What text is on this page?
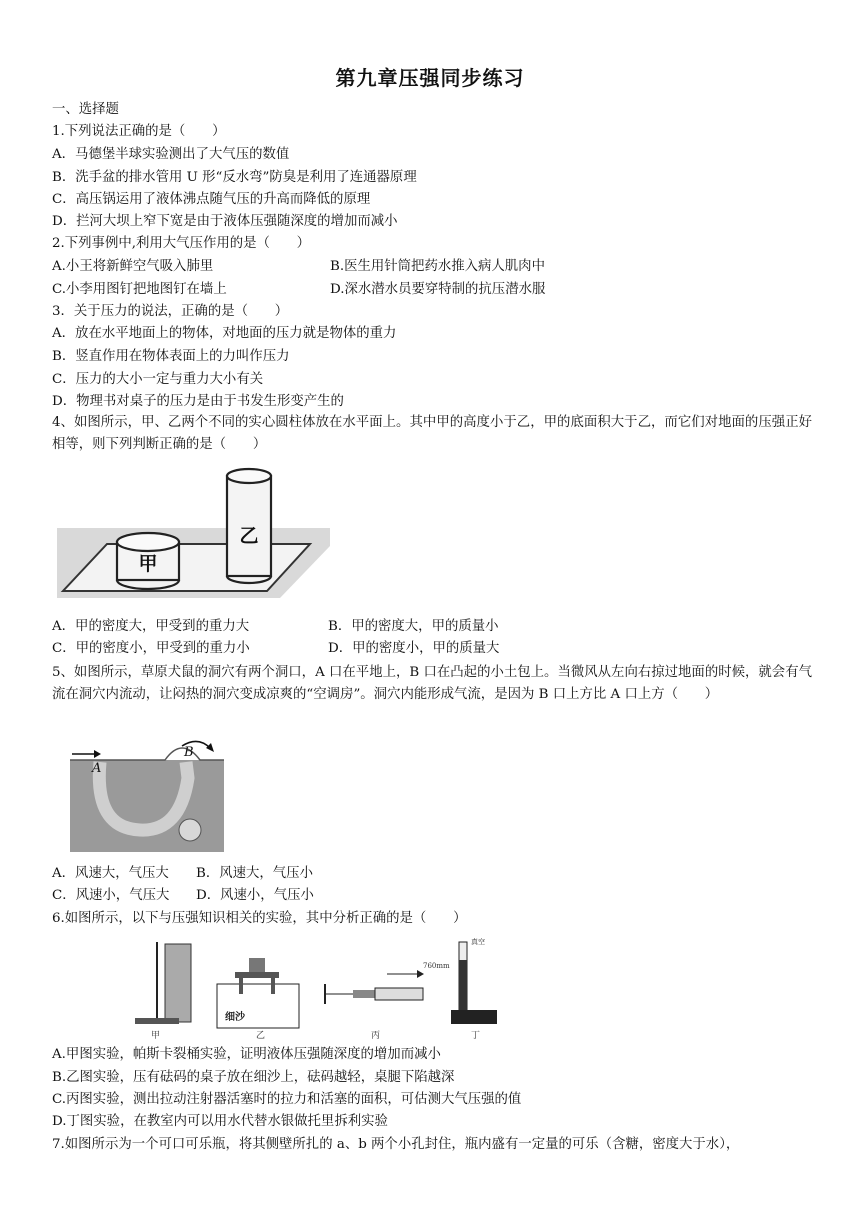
第九章压强同步练习
一、选择题
1.下列说法正确的是（　　）
A．马德堡半球实验测出了大气压的数值
B．洗手盆的排水管用 U 形“反水弯”防臭是利用了连通器原理
C．高压锅运用了液体沸点随气压的升高而降低的原理
D．拦河大坝上窄下宽是由于液体压强随深度的增加而减小
2.下列事例中,利用大气压作用的是（　　）
A.小王将新鲜空气吸入肺里	B.医生用针筒把药水推入病人肌肉中
C.小李用图钉把地图钉在墙上	D.深水潜水员要穿特制的抗压潜水服
3．关于压力的说法，正确的是（　　）
A．放在水平地面上的物体，对地面的压力就是物体的重力
B．竖直作用在物体表面上的力叫作压力
C．压力的大小一定与重力大小有关
D．物理书对桌子的压力是由于书发生形变产生的
4、如图所示，甲、乙两个不同的实心圆柱体放在水平面上。其中甲的高度小于乙，甲的底面积大于乙，而它们对地面的压强正好相等，则下列判断正确的是（　　）
甲
乙
A．甲的密度大，甲受到的重力大	B．甲的密度大，甲的质量小
C．甲的密度小，甲受到的重力小	D．甲的密度小，甲的质量大
5、如图所示，草原犬鼠的洞穴有两个洞口，A 口在平地上，B 口在凸起的小土包上。当微风从左向右掠过地面的时候，就会有气流在洞穴内流动，让闷热的洞穴变成凉爽的“空调房”。洞穴内能形成气流，是因为 B 口上方比 A 口上方（　　）
A
B
A．风速大，气压大 B．风速大，气压小
C．风速小，气压大 D．风速小，气压小
6.如图所示，以下与压强知识相关的实验，其中分析正确的是（　　）
甲
细沙
乙	丙
真空
760mm
丁
A.甲图实验，帕斯卡裂桶实验，证明液体压强随深度的增加而减小
B.乙图实验，压有砝码的桌子放在细沙上，砝码越轻，桌腿下陷越深
C.丙图实验，测出拉动注射器活塞时的拉力和活塞的面积，可估测大气压强的值
D.丁图实验，在教室内可以用水代替水银做托里拆利实验
7.如图所示为一个可口可乐瓶，将其侧壁所扎的 a、b 两个小孔封住，瓶内盛有一定量的可乐（含糖，密度大于水），
